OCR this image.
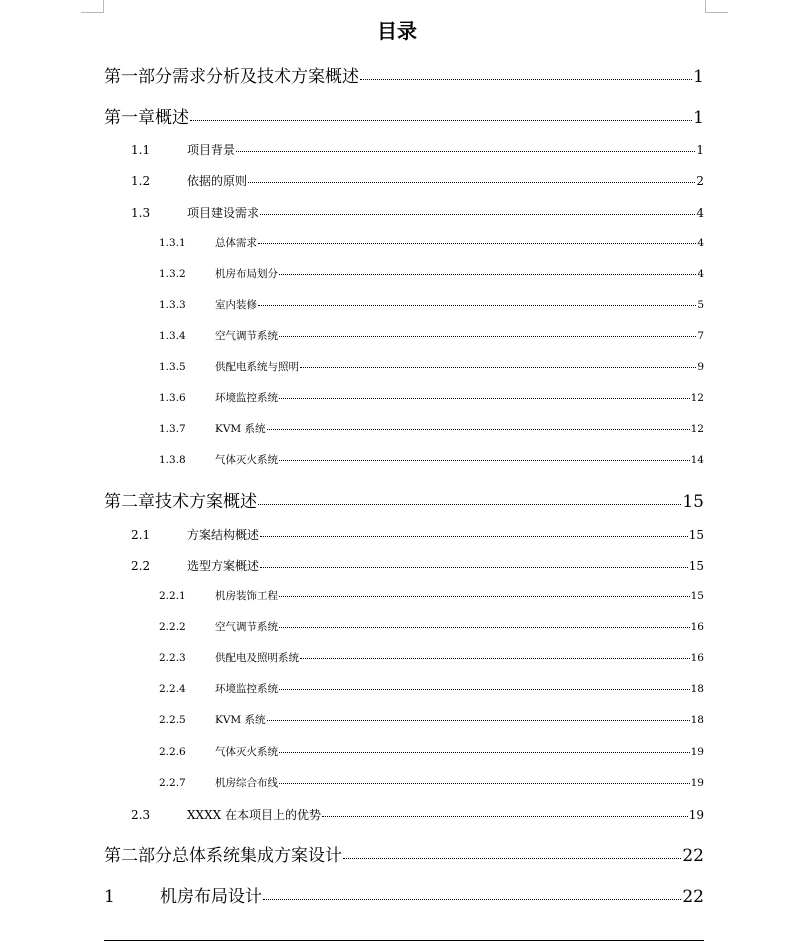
目录
第一部分需求分析及技术方案概述	1
第一章概述	1
1.1	项目背景	1
1.2	依据的原则	2
1.3	项目建设需求	4
1.3.1	总体需求	4
1.3.2	机房布局划分	4
1.3.3	室内装修	5
1.3.4	空气调节系统	7
1.3.5	供配电系统与照明	9
1.3.6	环境监控系统	12
1.3.7	KVM 系统	12
1.3.8	气体灭火系统	14
第二章技术方案概述	15
2.1	方案结构概述	15
2.2	选型方案概述	15
2.2.1	机房装饰工程	15
2.2.2	空气调节系统	16
2.2.3	供配电及照明系统	16
2.2.4	环境监控系统	18
2.2.5	KVM 系统	18
2.2.6	气体灭火系统	19
2.2.7	机房综合布线	19
2.3	XXXX 在本项目上的优势	19
第二部分总体系统集成方案设计	22
1	机房布局设计	22
